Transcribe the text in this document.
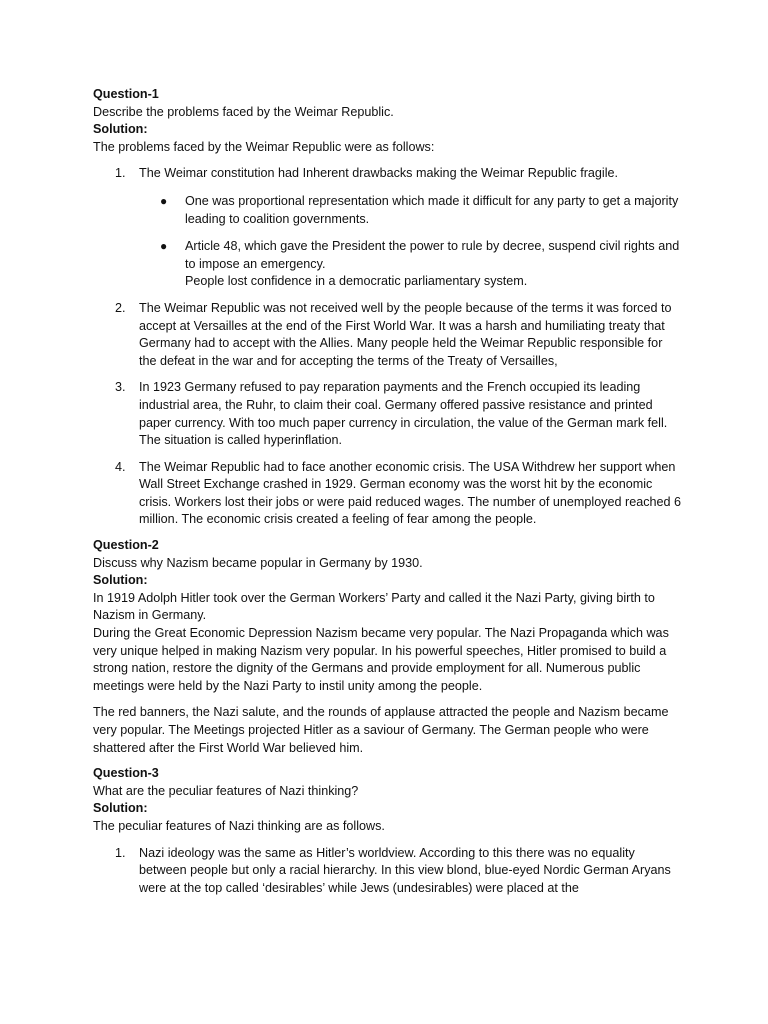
Question-1

Describe the problems faced by the Weimar Republic.

Solution:

The problems faced by the Weimar Republic were as follows:

1. The Weimar constitution had Inherent drawbacks making the Weimar Republic fragile.
● One was proportional representation which made it difficult for any party to get a majority leading to coalition governments.
● Article 48, which gave the President the power to rule by decree, suspend civil rights and to impose an emergency.
People lost confidence in a democratic parliamentary system.
2. The Weimar Republic was not received well by the people because of the terms it was forced to accept at Versailles at the end of the First World War. It was a harsh and humiliating treaty that Germany had to accept with the Allies. Many people held the Weimar Republic responsible for the defeat in the war and for accepting the terms of the Treaty of Versailles,
3. In 1923 Germany refused to pay reparation payments and the French occupied its leading industrial area, the Ruhr, to claim their coal. Germany offered passive resistance and printed paper currency. With too much paper currency in circulation, the value of the German mark fell. The situation is called hyperinflation.
4. The Weimar Republic had to face another economic crisis. The USA Withdrew her support when Wall Street Exchange crashed in 1929. German economy was the worst hit by the economic crisis. Workers lost their jobs or were paid reduced wages. The number of unemployed reached 6 million. The economic crisis created a feeling of fear among the people.

Question-2

Discuss why Nazism became popular in Germany by 1930.

Solution:

In 1919 Adolph Hitler took over the German Workers’ Party and called it the Nazi Party, giving birth to Nazism in Germany.

During the Great Economic Depression Nazism became very popular. The Nazi Propaganda which was very unique helped in making Nazism very popular. In his powerful speeches, Hitler promised to build a strong nation, restore the dignity of the Germans and provide employment for all. Numerous public meetings were held by the Nazi Party to instil unity among the people.

The red banners, the Nazi salute, and the rounds of applause attracted the people and Nazism became very popular. The Meetings projected Hitler as a saviour of Germany. The German people who were shattered after the First World War believed him.

Question-3

What are the peculiar features of Nazi thinking?

Solution:

The peculiar features of Nazi thinking are as follows.

1. Nazi ideology was the same as Hitler’s worldview. According to this there was no equality between people but only a racial hierarchy. In this view blond, blue-eyed Nordic German Aryans were at the top called ‘desirables’ while Jews (undesirables) were placed at the
